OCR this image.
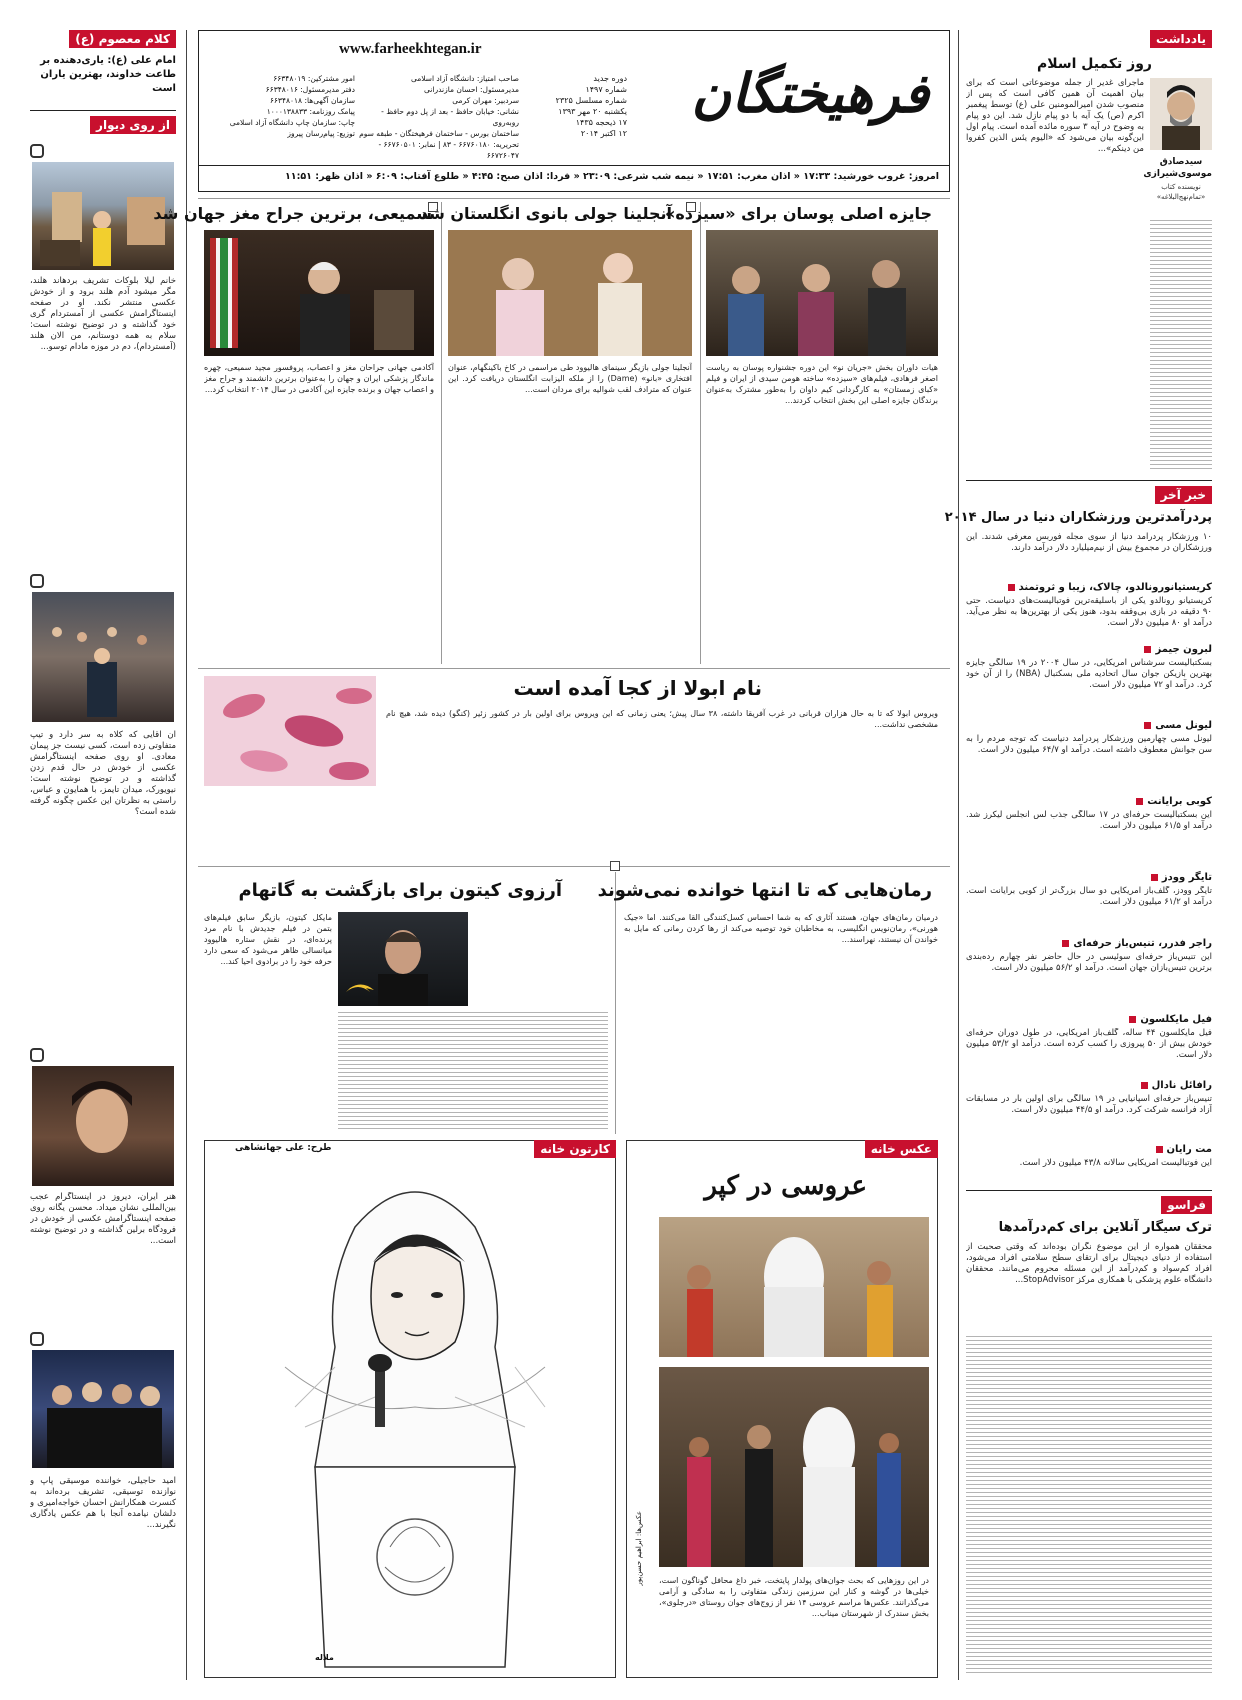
کلام معصوم (ع)
امام علی (ع): یاری‌دهنده بر طاعت خداوند، بهترین یاران است
از روی دیوار
خانم لیلا بلوکات تشریف بردهاند هلند، مگر میشود آدم هلند برود و از خودش عکسی منتشر نکند. او در صفحه اینستاگرامش عکسی از آمستردام گری خود گذاشته و در توضیح نوشته است: سلام به همه دوستانم، من الان هلند (آمستردام)، دم در موزه مادام توسو...
آن آقایی که کلاه به سر دارد و تیپ متفاوتی زده است، کسی نیست جز پیمان معادی. او روی صفحه اینستاگرامش عکسی از خودش در حال قدم زدن گذاشته و در توضیح نوشته است: نیویورک، میدان تایمز، با همایون و عباس، راستی به نظرتان این عکس چگونه گرفته شده است؟
هنر ایران، دیروز در اینستاگرام عجب بین‌المللی نشان میداد. محسن یگانه روی صفحه اینستاگرامش عکسی از خودش در فرودگاه برلین گذاشته و در توضیح نوشته است...
امید حاجیلی، خواننده موسیقی پاپ و نوازنده توسیقی، تشریف برده‌اند به کنسرت همکارانش احسان خواجه‌امیری و دلشان نیامده آنجا با هم عکس یادگاری نگیرند...
فرهیختگان
www.farheekhtegan.ir
دوره جدید
شماره ۱۴۹۷
شماره مسلسل ۲۳۲۵
یکشنبه ۲۰ مهر ۱۳۹۳
۱۷ ذیحجه ۱۴۳۵
۱۲ اکتبر ۲۰۱۴
صاحب امتیاز: دانشگاه آزاد اسلامی
مدیرمسئول: احسان مازندرانی
سردبیر: مهران کرمی
نشانی: خیابان حافظ - بعد از پل دوم حافظ - روبه‌روی
ساختمان بورس - ساختمان فرهیختگان - طبقه سوم
تحریریه: ۶۶۷۶۰۱۸۰ - ۸۳ | نمابر: ۶۶۷۶۰۵۰۱ - ۶۶۷۲۶۰۴۷
امور مشترکین: ۶۶۳۴۸۰۱۹
دفتر مدیرمسئول: ۶۶۳۴۸۰۱۶
سازمان آگهی‌ها: ۶۶۳۴۸۰۱۸
پیامک روزنامه: ۱۰۰۰۱۳۸۸۳۳
چاپ: سازمان چاپ دانشگاه آزاد اسلامی
توزیع: پیام‌رسان پیروز
امروز: غروب خورشید: ۱۷:۳۳ « اذان مغرب: ۱۷:۵۱ « نیمه شب شرعی: ۲۳:۰۹ « فردا: اذان صبح: ۴:۴۵ « طلوع آفتاب: ۶:۰۹ « اذان ظهر: ۱۱:۵۱
جایزه اصلی پوسان برای «سیزده»
هیات داوران بخش «جریان نو» این دوره جشنواره پوسان به ریاست اصغر فرهادی، فیلم‌های «سیزده» ساخته هومن سیدی از ایران و فیلم «کبای زمستان» به کارگردانی کیم داوان را به‌طور مشترک به‌عنوان برندگان جایزه اصلی این بخش انتخاب کردند...
آنجلینا جولی بانوی انگلستان شد
آنجلینا جولی بازیگر سینمای هالیوود طی مراسمی در کاخ باکینگهام، عنوان افتخاری «بانو» (Dame) را از ملکه الیزابت انگلستان دریافت کرد. این عنوان که مترادف لقب شوالیه برای مردان است...
سمیعی، برترین جراح مغز جهان شد
آکادمی جهانی جراحان مغز و اعصاب، پروفسور مجید سمیعی، چهره ماندگار پزشکی ایران و جهان را به‌عنوان برترین دانشمند و جراح مغز و اعصاب جهان و برنده جایزه این آکادمی در سال ۲۰۱۴ انتخاب کرد...
نام ابولا از کجا آمده است
ویروس ابولا که تا به حال هزاران قربانی در غرب آفریقا داشته، ۳۸ سال پیش؛ یعنی زمانی که این ویروس برای اولین بار در کشور زئیر (کنگو) دیده شد، هیچ نام مشخصی نداشت...
رمان‌هایی که تا انتها خوانده نمی‌شوند
درمیان رمان‌های جهان، هستند آثاری که به شما احساس کسل‌کنندگی القا می‌کنند. اما «جیک هورنی»، رمان‌نویس انگلیسی، به مخاطبان خود توصیه می‌کند از رها کردن رمانی که مایل به خواندن آن نیستند، نهراسند...
آرزوی کیتون برای بازگشت به گاتهام
مایکل کیتون، بازیگر سابق فیلم‌های بتمن در فیلم جدیدش با نام مرد پرنده‌ای، در نقش ستاره هالیوود میانسالی ظاهر می‌شود که سعی دارد حرفه خود را در برادوی احیا کند...
عکس خانه
عروسی در کپر
عکس‌ها: ابراهیم حسن‌پور در این روزهایی که بحث جوان‌های پولدار پایتخت، خبر داغ محافل گوناگون است، خیلی‌ها در گوشه و کنار این سرزمین زندگی متفاوتی را به سادگی و آرامی می‌گذرانند. عکس‌ها مراسم عروسی ۱۴ نفر از زوج‌های جوان روستای «درجلوی»، بخش سندرک از شهرستان میناب...
کارتون خانه
طرح: علی جهانشاهی
ملاله
یادداشت
روز تکمیل اسلام
سیدصادق موسوی‌شیرازی
نویسنده کتاب «تمام‌نهج‌البلاغه»
ماجرای غدیر از جمله موضوعاتی است که برای بیان اهمیت آن همین کافی است که پس از منصوب شدن امیرالمومنین علی (ع) توسط پیغمبر اکرم (ص) یک آیه با دو پیام نازل شد. این دو پیام به وضوح در آیه ۳ سوره مائده آمده است. پیام اول این‌گونه بیان می‌شود که «الیوم یئس الذین کفروا من دینکم»...
خبر آخر
پردرآمدترین ورزشکاران دنیا در سال ۲۰۱۴
۱۰ ورزشکار پردرآمد دنیا از سوی مجله فوربس معرفی شدند. این ورزشکاران در مجموع بیش از نیم‌میلیارد دلار درآمد دارند.
کریستیانورونالدو، چالاک، زیبا و ثروتمند
کریستیانو رونالدو یکی از باسلیقه‌ترین فوتبالیست‌های دنیاست. حتی ۹۰ دقیقه در بازی بی‌وقفه بدود، هنوز یکی از بهترین‌ها به نظر می‌آید. درآمد او ۸۰ میلیون دلار است.
لبرون جیمز
بسکتبالیست سرشناس آمریکایی، در سال ۲۰۰۴ در ۱۹ سالگی جایزه بهترین بازیکن جوان سال اتحادیه ملی بسکتبال (NBA) را از آن خود کرد. درآمد او ۷۲ میلیون دلار است.
لیونل مسی
لیونل مسی چهارمین ورزشکار پردرآمد دنیاست که توجه مردم را به سن جوانش معطوف داشته است. درآمد او ۶۴/۷ میلیون دلار است.
کوبی برایانت
این بسکتبالیست حرفه‌ای در ۱۷ سالگی جذب لس آنجلس لیکرز شد. درآمد او ۶۱/۵ میلیون دلار است.
تایگر وودز
تایگر وودز، گلف‌باز آمریکایی دو سال بزرگ‌تر از کوبی برایانت است. درآمد او ۶۱/۲ میلیون دلار است.
راجر فدرر، تنیس‌باز حرفه‌ای
این تنیس‌باز حرفه‌ای سوئیسی در حال حاضر نفر چهارم رده‌بندی برترین تنیس‌بازان جهان است. درآمد او ۵۶/۲ میلیون دلار است.
فیل مایکلسون
فیل مایکلسون ۴۴ ساله، گلف‌باز آمریکایی، در طول دوران حرفه‌ای خودش بیش از ۵۰ پیروزی را کسب کرده است. درآمد او ۵۳/۲ میلیون دلار است.
رافائل نادال
تنیس‌باز حرفه‌ای اسپانیایی در ۱۹ سالگی برای اولین بار در مسابقات آزاد فرانسه شرکت کرد. درآمد او ۴۴/۵ میلیون دلار است.
مت رایان
این فوتبالیست آمریکایی سالانه ۴۳/۸ میلیون دلار است.
فراسو
ترک سیگار آنلاین برای کم‌درآمدها
محققان همواره از این موضوع نگران بوده‌اند که وقتی صحبت از استفاده از دنیای دیجیتال برای ارتقای سطح سلامتی افراد می‌شود، افراد کم‌سواد و کم‌درآمد از این مسئله محروم می‌مانند. محققان دانشگاه علوم پزشکی با همکاری مرکز StopAdvisor...
